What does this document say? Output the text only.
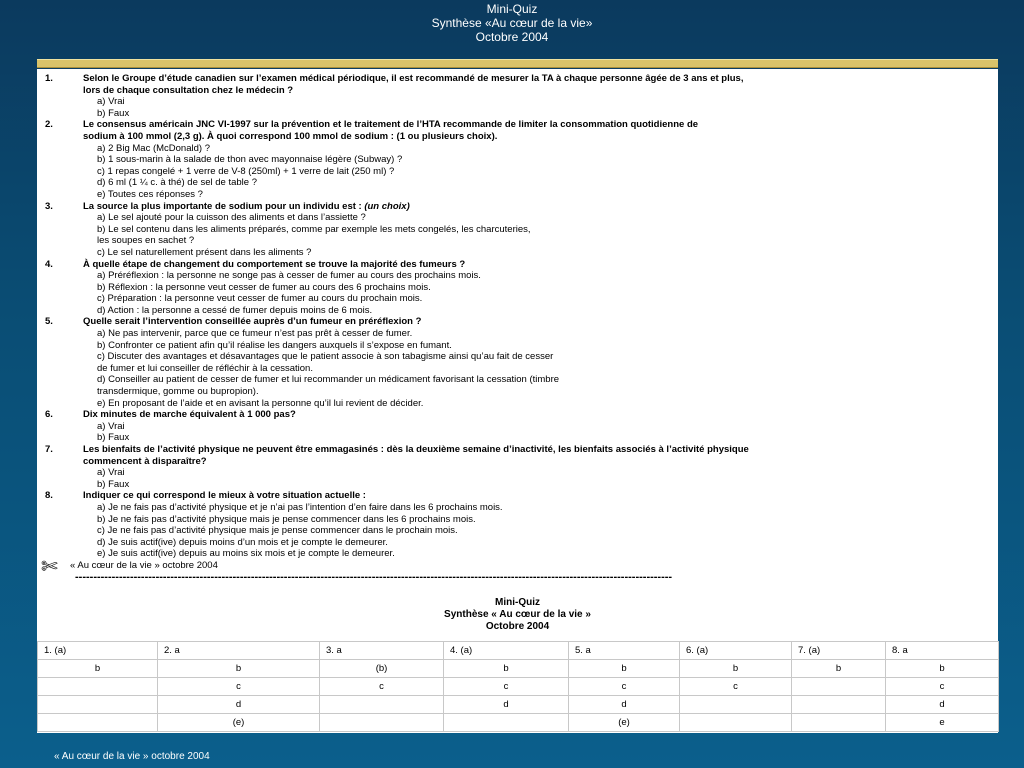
Mini-Quiz
Synthèse «Au cœur de la vie»
Octobre 2004
1.	Selon le Groupe d’étude canadien sur l’examen médical périodique, il est recommandé de mesurer la TA à chaque personne âgée de 3 ans et plus,
lors de chaque consultation chez le médecin ?
a) Vrai
b) Faux
2.	Le consensus américain JNC VI-1997 sur la prévention et le traitement de l’HTA recommande de limiter la consommation quotidienne de
sodium à 100 mmol (2,3 g). À quoi correspond 100 mmol de sodium : (1 ou plusieurs choix).
a) 2 Big Mac (McDonald) ?
b) 1 sous-marin à la salade de thon avec mayonnaise légère (Subway) ?
c) 1 repas congelé + 1 verre de V-8 (250ml) + 1 verre de lait (250 ml) ?
d) 6 ml (1 ¼ c. à thé) de sel de table ?
e) Toutes ces réponses ?
3.	La source la plus importante de sodium pour un individu est : (un choix)
a) Le sel ajouté pour la cuisson des aliments et dans l’assiette ?
b) Le sel contenu dans les aliments préparés, comme par exemple les mets congelés, les charcuteries,
les soupes en sachet ?
c) Le sel naturellement présent dans les aliments ?
4.	À quelle étape de changement du comportement se trouve la majorité des fumeurs ?
a) Préréflexion : la personne ne songe pas à cesser de fumer au cours des prochains mois.
b) Réflexion : la personne veut cesser de fumer au cours des 6 prochains mois.
c) Préparation : la personne veut cesser de fumer au cours du prochain mois.
d) Action : la personne a cessé de fumer depuis moins de 6 mois.
5.	Quelle serait l’intervention conseillée auprès d’un fumeur en préréflexion ?
a) Ne pas intervenir, parce que ce fumeur n’est pas prêt à cesser de fumer.
b) Confronter ce patient afin qu’il réalise les dangers auxquels il s’expose en fumant.
c) Discuter des avantages et désavantages que le patient associe à son tabagisme ainsi qu’au fait de cesser
de fumer et lui conseiller de réfléchir à la cessation.
d) Conseiller au patient de cesser de fumer et lui recommander un médicament favorisant la cessation (timbre
transdermique, gomme ou bupropion).
e) En proposant de l’aide et en avisant la personne qu’il lui revient de décider.
6.	Dix minutes de marche équivalent à 1 000 pas?
a) Vrai
b) Faux
7.	Les bienfaits de l’activité physique ne peuvent être emmagasinés : dès la deuxième semaine d’inactivité, les bienfaits associés à l’activité physique
commencent à disparaître?
a) Vrai
b) Faux
8.	Indiquer ce qui correspond le mieux à votre situation actuelle :
a) Je ne fais pas d’activité physique et je n’ai pas l’intention d’en faire dans les 6 prochains mois.
b) Je ne fais pas d’activité physique mais je pense commencer dans les 6 prochains mois.
c) Je ne fais pas d’activité physique mais je pense commencer dans le prochain mois.
d) Je suis actif(ive) depuis moins d’un mois et je compte le demeurer.
e) Je suis actif(ive) depuis au moins six mois et je compte le demeurer.
✄ « Au cœur de la vie » octobre 2004
-------------------------------------------------------------------------------------------------------------------------------------------------------------------
Mini-Quiz
Synthèse « Au cœur de la vie »
Octobre 2004
1. (a)	2. a	3. a	4. (a)	5. a	6. (a)	7. (a)	8. a
b	b	(b)	b	b	b	b	b
	c	c	c	c	c		c
	d		d	d			d
	(e)			(e)			e
« Au cœur de la vie » octobre 2004
